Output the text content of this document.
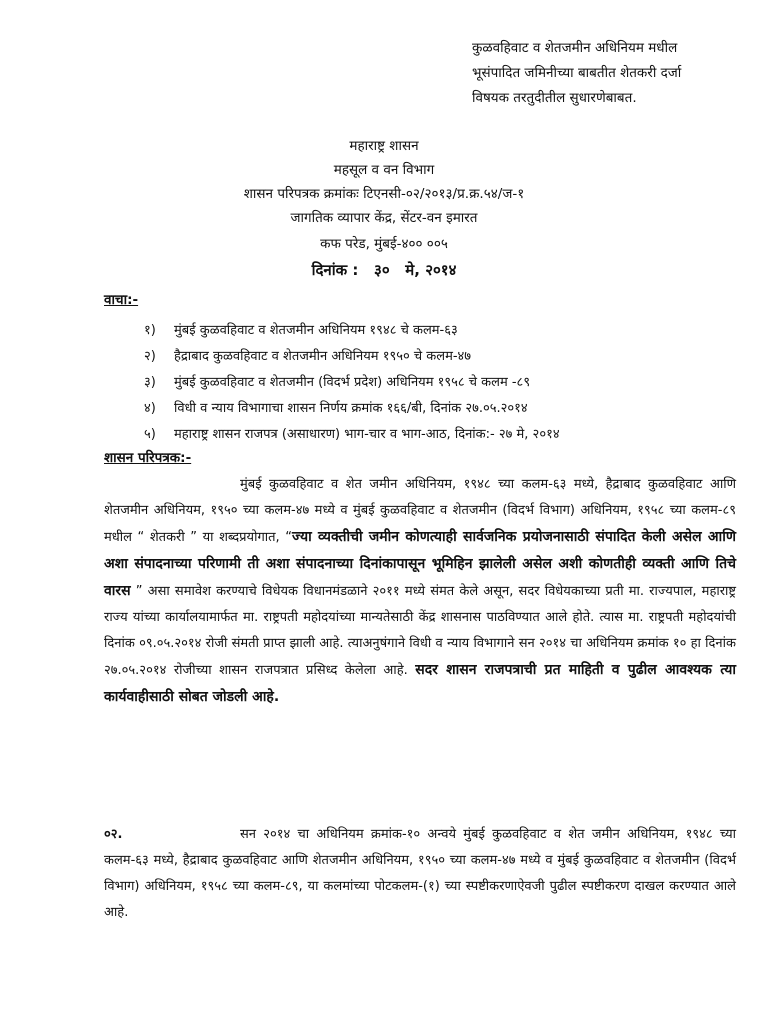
कुळवहिवाट व शेतजमीन अधिनियम मधील
भूसंपादित जमिनीच्या बाबतीत शेतकरी दर्जा
विषयक तरतुदीतील सुधारणेबाबत.
महाराष्ट्र शासन
महसूल व वन विभाग
शासन परिपत्रक क्रमांकः टिएनसी-०२/२०१३/प्र.क्र.५४/ज-१
जागतिक व्यापार केंद्र, सेंटर-वन इमारत
कफ परेड, मुंबई-४०० ००५
दिनांक :   ३०   मे, २०१४
वाचा:-
१) मुंबई कुळवहिवाट व शेतजमीन अधिनियम १९४८ चे कलम-६३
२) हैद्राबाद कुळवहिवाट व शेतजमीन अधिनियम १९५० चे कलम-४७
३) मुंबई कुळवहिवाट व शेतजमीन (विदर्भ प्रदेश) अधिनियम १९५८ चे कलम -८९
४) विधी व न्याय विभागाचा शासन निर्णय क्रमांक १६६/बी, दिनांक २७.०५.२०१४
५) महाराष्ट्र शासन राजपत्र (असाधारण) भाग-चार व भाग-आठ, दिनांक:- २७ मे, २०१४
शासन परिपत्रक:-
मुंबई कुळवहिवाट व शेत जमीन अधिनियम, १९४८ च्या कलम-६३ मध्ये, हैद्राबाद कुळवहिवाट आणि शेतजमीन अधिनियम, १९५० च्या कलम-४७ मध्ये व मुंबई कुळवहिवाट व शेतजमीन (विदर्भ विभाग) अधिनियम, १९५८ च्या कलम-८९ मधील “ शेतकरी ” या शब्दप्रयोगात, “ज्या व्यक्तीची जमीन कोणत्याही सार्वजनिक प्रयोजनासाठी संपादित केली असेल आणि अशा संपादनाच्या परिणामी ती अशा संपादनाच्या दिनांकापासून भूमिहिन झालेली असेल अशी कोणतीही व्यक्ती आणि तिचे वारस ” असा समावेश करण्याचे विधेयक विधानमंडळाने २०११ मध्ये संमत केले असून, सदर विधेयकाच्या प्रती मा. राज्यपाल, महाराष्ट्र राज्य यांच्या कार्यालयामार्फत मा. राष्ट्रपती महोदयांच्या मान्यतेसाठी केंद्र शासनास पाठविण्यात आले होते. त्यास मा. राष्ट्रपती महोदयांची दिनांक ०९.०५.२०१४ रोजी संमती प्राप्त झाली आहे. त्याअनुषंगाने विधी व न्याय विभागाने सन २०१४ चा अधिनियम क्रमांक १० हा दिनांक २७.०५.२०१४ रोजीच्या शासन राजपत्रात प्रसिध्द केलेला आहे. सदर शासन राजपत्राची प्रत माहिती व पुढील आवश्यक त्या कार्यवाहीसाठी सोबत जोडली आहे.
०२.	सन २०१४ चा अधिनियम क्रमांक-१० अन्वये मुंबई कुळवहिवाट व शेत जमीन अधिनियम, १९४८ च्या कलम-६३ मध्ये, हैद्राबाद कुळवहिवाट आणि शेतजमीन अधिनियम, १९५० च्या कलम-४७ मध्ये व मुंबई कुळवहिवाट व शेतजमीन (विदर्भ विभाग) अधिनियम, १९५८ च्या कलम-८९, या कलमांच्या पोटकलम-(१) च्या स्पष्टीकरणाऐवजी पुढील स्पष्टीकरण दाखल करण्यात आले आहे.
